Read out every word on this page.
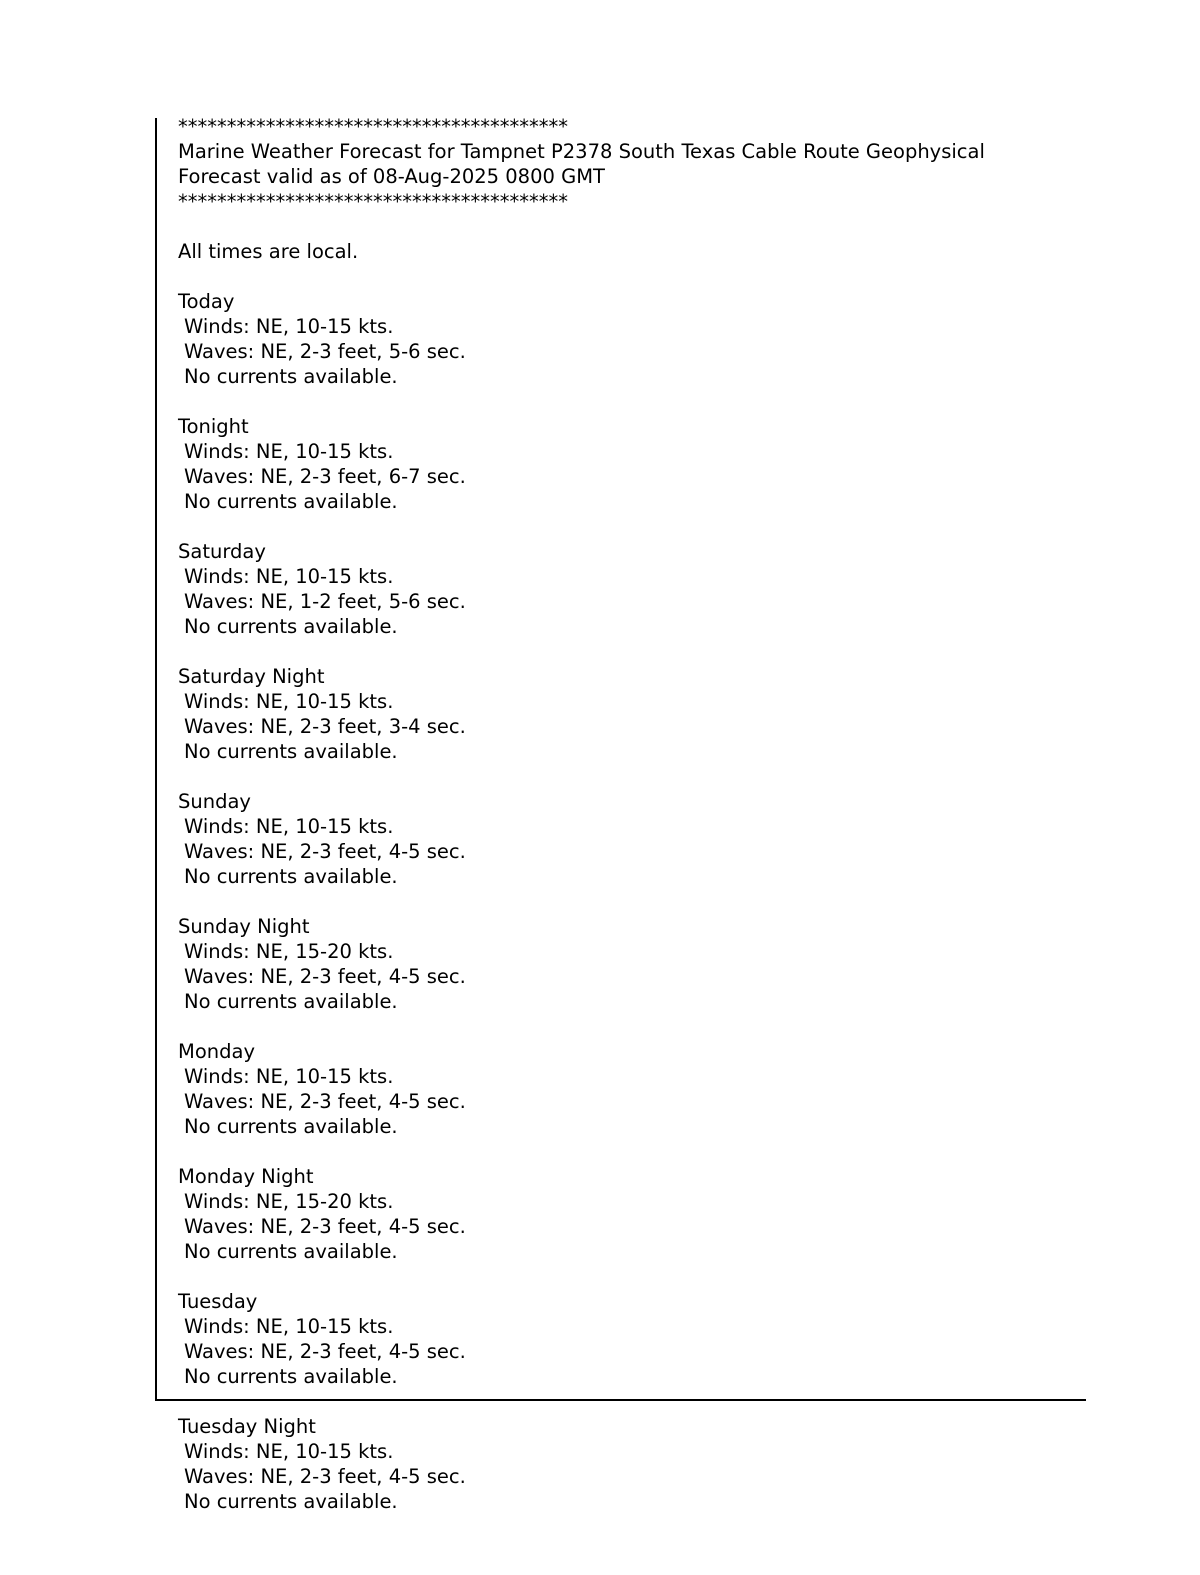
****************************************
Marine Weather Forecast for Tampnet P2378 South Texas Cable Route Geophysical
Forecast valid as of 08-Aug-2025 0800 GMT
****************************************
All times are local.
Today
Winds: NE, 10-15 kts.
Waves: NE, 2-3 feet, 5-6 sec.
No currents available.
Tonight
Winds: NE, 10-15 kts.
Waves: NE, 2-3 feet, 6-7 sec.
No currents available.
Saturday
Winds: NE, 10-15 kts.
Waves: NE, 1-2 feet, 5-6 sec.
No currents available.
Saturday Night
Winds: NE, 10-15 kts.
Waves: NE, 2-3 feet, 3-4 sec.
No currents available.
Sunday
Winds: NE, 10-15 kts.
Waves: NE, 2-3 feet, 4-5 sec.
No currents available.
Sunday Night
Winds: NE, 15-20 kts.
Waves: NE, 2-3 feet, 4-5 sec.
No currents available.
Monday
Winds: NE, 10-15 kts.
Waves: NE, 2-3 feet, 4-5 sec.
No currents available.
Monday Night
Winds: NE, 15-20 kts.
Waves: NE, 2-3 feet, 4-5 sec.
No currents available.
Tuesday
Winds: NE, 10-15 kts.
Waves: NE, 2-3 feet, 4-5 sec.
No currents available.
Tuesday Night
Winds: NE, 10-15 kts.
Waves: NE, 2-3 feet, 4-5 sec.
No currents available.
